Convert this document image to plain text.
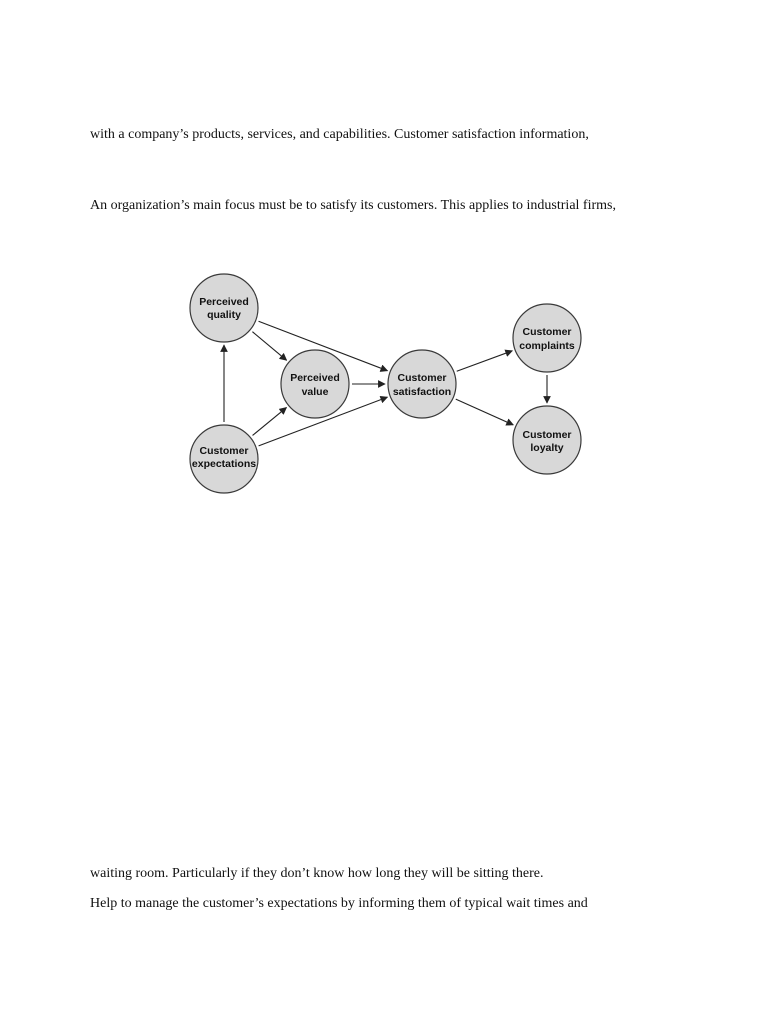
with a company’s products, services, and capabilities. Customer satisfaction information,

An organization’s main focus must be to satisfy its customers. This applies to industrial firms,

Perceived
quality
Customer
expectations
Perceived
value
Customer
satisfaction
Customer
complaints
Customer
loyalty

waiting room. Particularly if they don’t know how long they will be sitting there.

Help to manage the customer’s expectations by informing them of typical wait times and
